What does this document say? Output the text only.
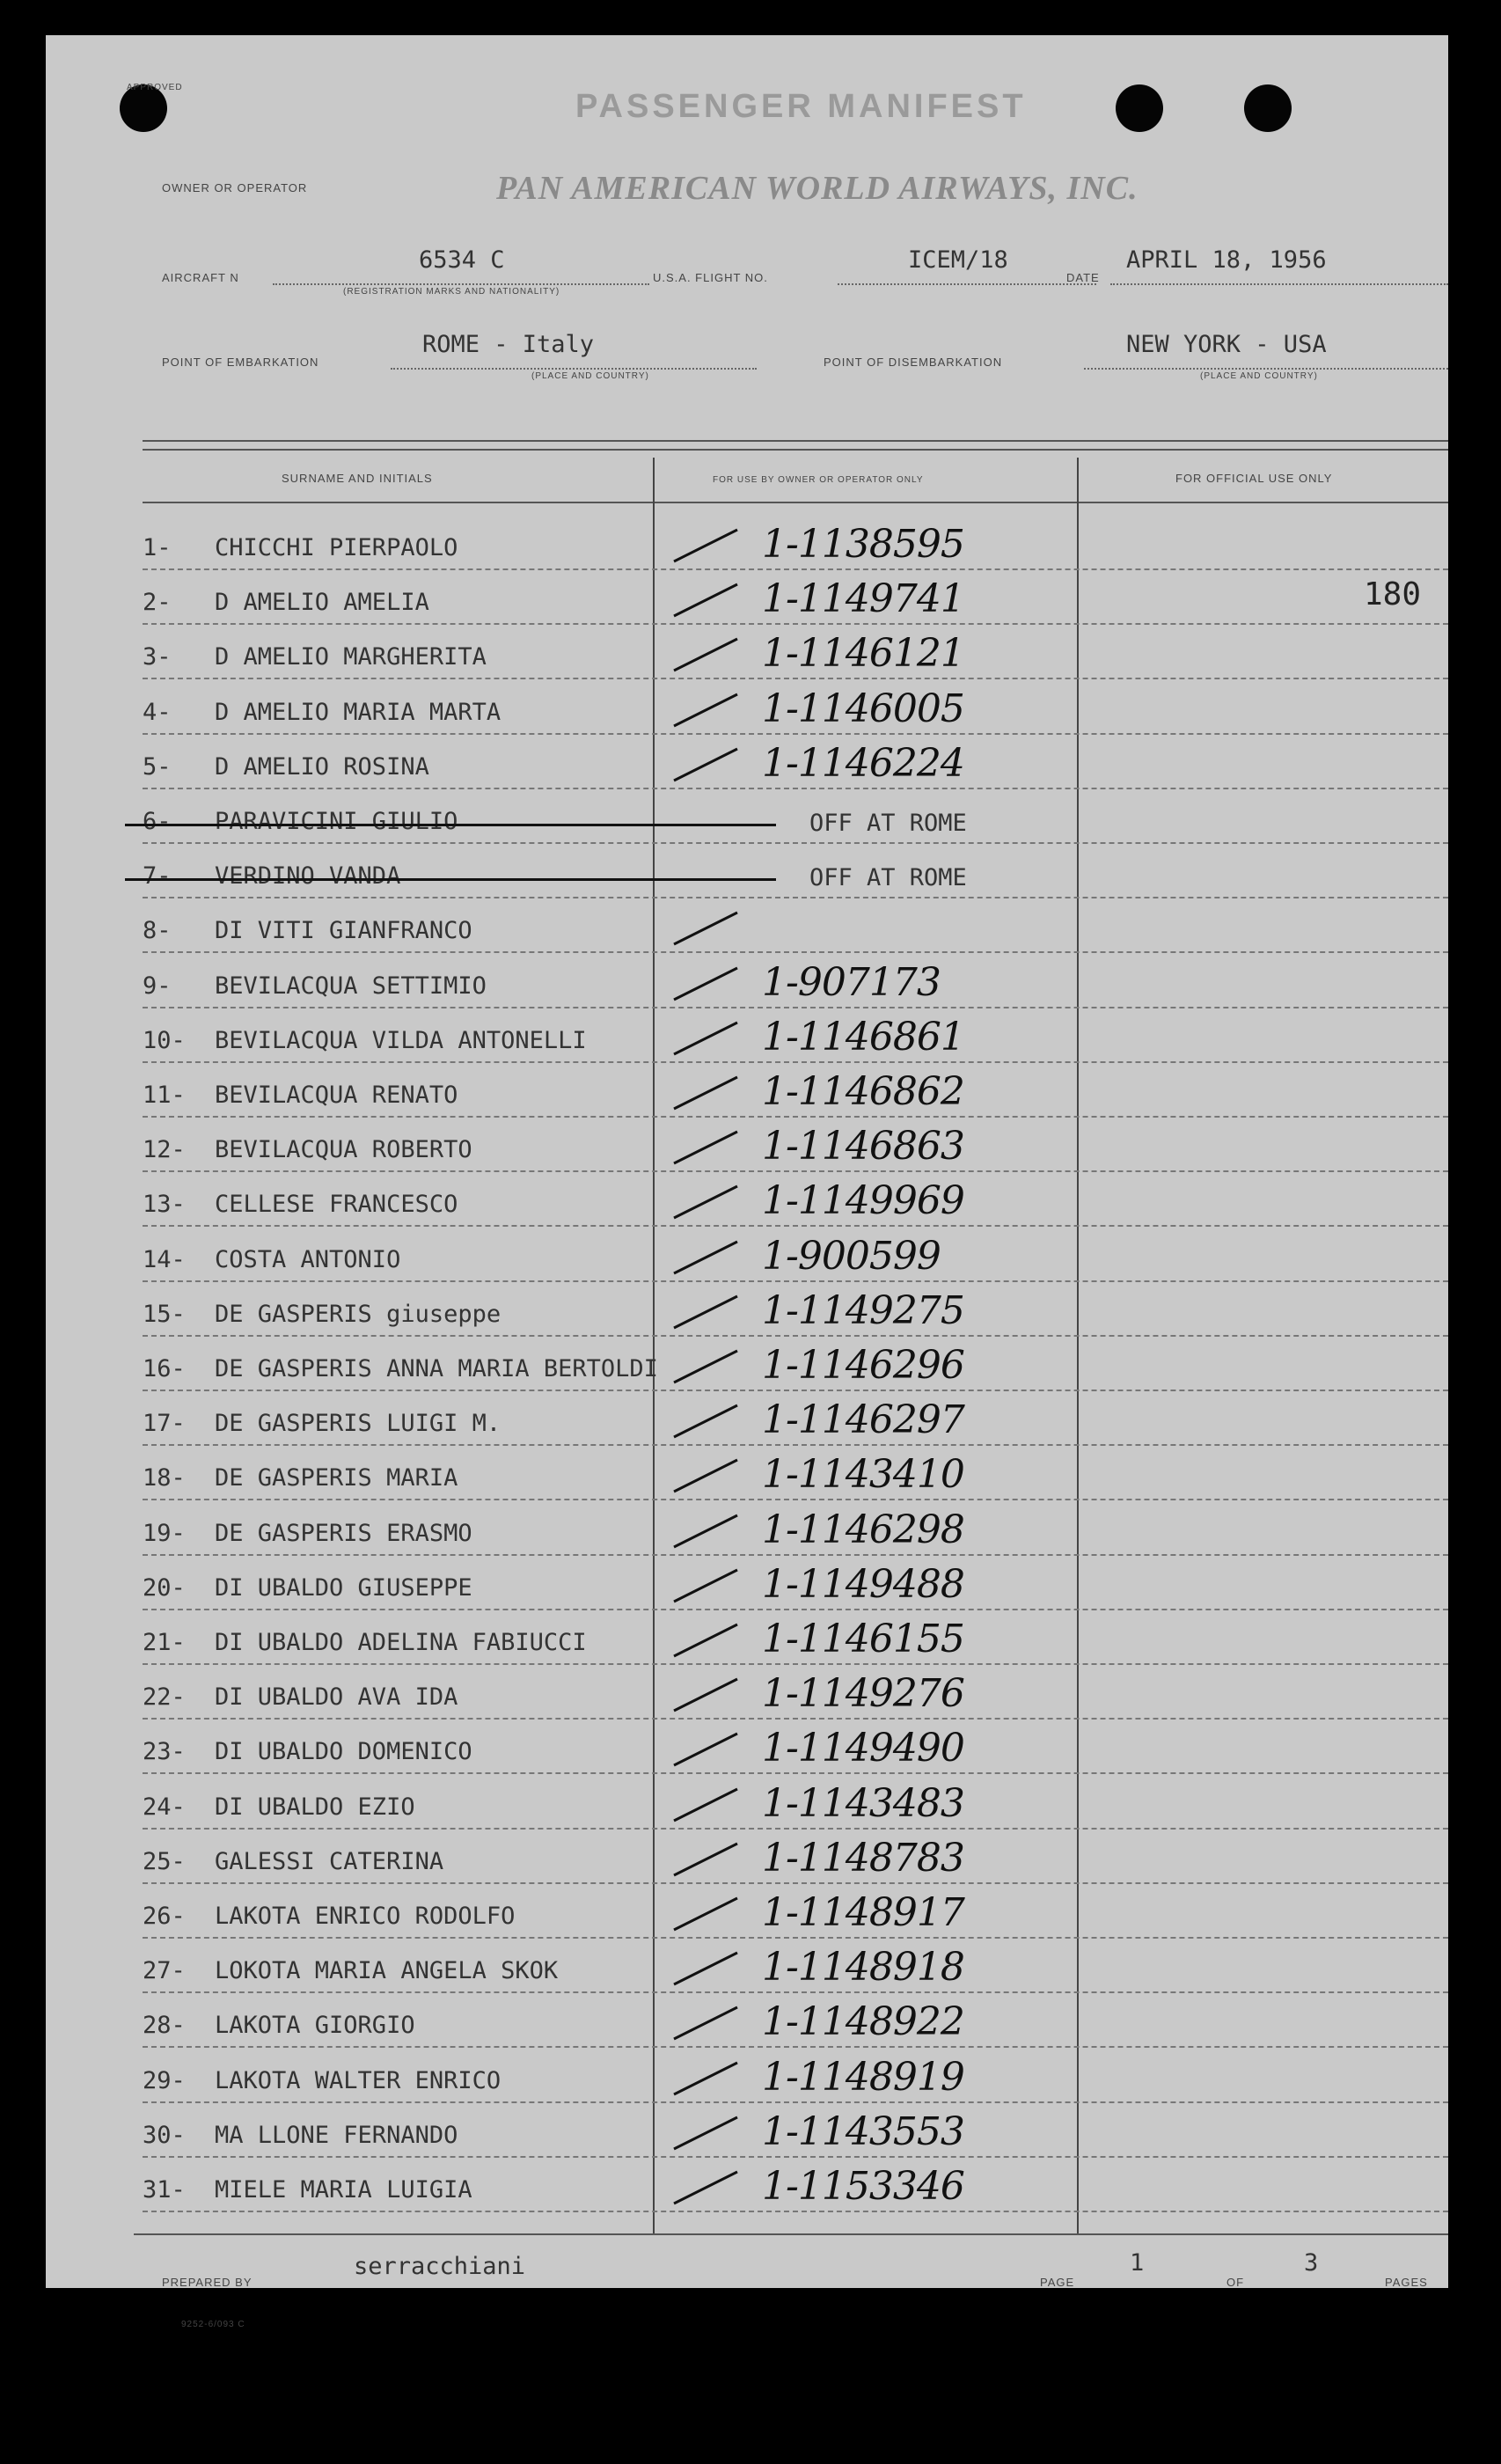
APPROVED
PASSENGER MANIFEST
OWNER OR OPERATOR	PAN AMERICAN WORLD AIRWAYS, INC.
AIRCRAFT N
6534 C
(REGISTRATION MARKS AND NATIONALITY)
U.S.A. FLIGHT NO.
ICEM/18
DATE
APRIL 18, 1956
POINT OF EMBARKATION
ROME - Italy
(PLACE AND COUNTRY)
POINT OF DISEMBARKATION
NEW YORK - USA
(PLACE AND COUNTRY)
SURNAME AND INITIALS	FOR USE BY OWNER OR OPERATOR ONLY	FOR OFFICIAL USE ONLY
1- CHICCHI PIERPAOLO	1-1138595
2- D AMELIO AMELIA	1-1149741	180
3- D AMELIO MARGHERITA	1-1146121
4- D AMELIO MARIA MARTA	1-1146005
5- D AMELIO ROSINA	1-1146224
6- PARAVICINI GIULIO	OFF AT ROME
7- VERDINO VANDA	OFF AT ROME
8- DI VITI GIANFRANCO
9- BEVILACQUA SETTIMIO	1-907173
10- BEVILACQUA VILDA ANTONELLI	1-1146861
11- BEVILACQUA RENATO	1-1146862
12- BEVILACQUA ROBERTO	1-1146863
13- CELLESE FRANCESCO	1-1149969
14- COSTA ANTONIO	1-900599
15- DE GASPERIS giuseppe	1-1149275
16- DE GASPERIS ANNA MARIA BERTOLDI	1-1146296
17- DE GASPERIS LUIGI M.	1-1146297
18- DE GASPERIS MARIA	1-1143410
19- DE GASPERIS ERASMO	1-1146298
20- DI UBALDO GIUSEPPE	1-1149488
21- DI UBALDO ADELINA FABIUCCI	1-1146155
22- DI UBALDO AVA IDA	1-1149276
23- DI UBALDO DOMENICO	1-1149490
24- DI UBALDO EZIO	1-1143483
25- GALESSI CATERINA	1-1148783
26- LAKOTA ENRICO RODOLFO	1-1148917
27- LOKOTA MARIA ANGELA SKOK	1-1148918
28- LAKOTA GIORGIO	1-1148922
29- LAKOTA WALTER ENRICO	1-1148919
30- MA LLONE FERNANDO	1-1143553
31- MIELE MARIA LUIGIA	1-1153346
PREPARED BY
serracchiani
PAGE
1
OF
3
PAGES
9252-6/093 C
